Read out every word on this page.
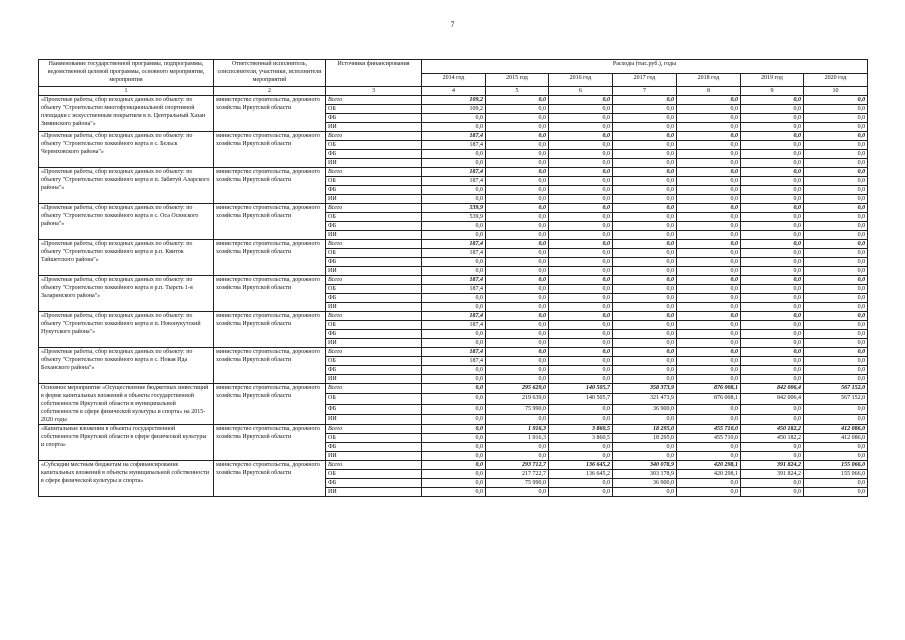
7
Наименование государственной программы, подпрограммы, ведомственной целевой программы, основного мероприятия, мероприятия	Ответственный исполнитель, соисполнители, участники, исполнители мероприятий	Источники финансирования	Расходы (тыс.руб.), годы						
			2014 год	2015 год	2016 год	2017 год	2018 год	2019 год	2020 год
1	2	3	4	5	6	7	8	9	10
«Проектные работы, сбор исходных данных по объекту: по объекту "Строительство многофункциональной спортивной площадки с искусственным покрытием в п. Центральный Хазан Зиминского района"»	министерство строительства, дорожного хозяйства Иркутской области	Всего	109,2	0,0	0,0	0,0	0,0	0,0	0,0
		ОБ	109,2	0,0	0,0	0,0	0,0	0,0	0,0
		ФБ	0,0	0,0	0,0	0,0	0,0	0,0	0,0
		ИИ	0,0	0,0	0,0	0,0	0,0	0,0	0,0
«Проектные работы, сбор исходных данных по объекту: по объекту "Строительство хоккейного корта в с. Бельск Черемховского района"»	министерство строительства, дорожного хозяйства Иркутской области	Всего	187,4	0,0	0,0	0,0	0,0	0,0	0,0
		ОБ	187,4	0,0	0,0	0,0	0,0	0,0	0,0
		ФБ	0,0	0,0	0,0	0,0	0,0	0,0	0,0
		ИИ	0,0	0,0	0,0	0,0	0,0	0,0	0,0
«Проектные работы, сбор исходных данных по объекту: по объекту "Строительство хоккейного корта в п. Забитуй Аларского района"»	министерство строительства, дорожного хозяйства Иркутской области	Всего	187,4	0,0	0,0	0,0	0,0	0,0	0,0
		ОБ	187,4	0,0	0,0	0,0	0,0	0,0	0,0
		ФБ	0,0	0,0	0,0	0,0	0,0	0,0	0,0
		ИИ	0,0	0,0	0,0	0,0	0,0	0,0	0,0
«Проектные работы, сбор исходных данных по объекту: по объекту "Строительство хоккейного корта в с. Оса Осинского района"»	министерство строительства, дорожного хозяйства Иркутской области	Всего	539,9	0,0	0,0	0,0	0,0	0,0	0,0
		ОБ	539,9	0,0	0,0	0,0	0,0	0,0	0,0
		ФБ	0,0	0,0	0,0	0,0	0,0	0,0	0,0
		ИИ	0,0	0,0	0,0	0,0	0,0	0,0	0,0
«Проектные работы, сбор исходных данных по объекту: по объекту "Строительство хоккейного корта в р.п. Квиток Тайшетского района"»	министерство строительства, дорожного хозяйства Иркутской области	Всего	187,4	0,0	0,0	0,0	0,0	0,0	0,0
		ОБ	187,4	0,0	0,0	0,0	0,0	0,0	0,0
		ФБ	0,0	0,0	0,0	0,0	0,0	0,0	0,0
		ИИ	0,0	0,0	0,0	0,0	0,0	0,0	0,0
«Проектные работы, сбор исходных данных по объекту: по объекту "Строительство хоккейного корта в р.п. Тырєть 1-я Заларинского района"»	министерство строительства, дорожного хозяйства Иркутской области	Всего	187,4	0,0	0,0	0,0	0,0	0,0	0,0
		ОБ	187,4	0,0	0,0	0,0	0,0	0,0	0,0
		ФБ	0,0	0,0	0,0	0,0	0,0	0,0	0,0
		ИИ	0,0	0,0	0,0	0,0	0,0	0,0	0,0
«Проектные работы, сбор исходных данных по объекту: по объекту "Строительство хоккейного корта в п. Новонукутский Нукутского района"»	министерство строительства, дорожного хозяйства Иркутской области	Всего	187,4	0,0	0,0	0,0	0,0	0,0	0,0
		ОБ	187,4	0,0	0,0	0,0	0,0	0,0	0,0
		ФБ	0,0	0,0	0,0	0,0	0,0	0,0	0,0
		ИИ	0,0	0,0	0,0	0,0	0,0	0,0	0,0
«Проектные работы, сбор исходных данных по объекту: по объекту "Строительство хоккейного корта в с. Новая Ида Боханского района"»	министерство строительства, дорожного хозяйства Иркутской области	Всего	187,4	0,0	0,0	0,0	0,0	0,0	0,0
		ОБ	187,4	0,0	0,0	0,0	0,0	0,0	0,0
		ФБ	0,0	0,0	0,0	0,0	0,0	0,0	0,0
		ИИ	0,0	0,0	0,0	0,0	0,0	0,0	0,0
Основное мероприятие «Осуществление бюджетных инвестиций в форме капитальных вложений в объекты государственной собственности Иркутской области и муниципальной собственности в сфере физической культуры и спорта» на 2015-2020 годы	министерство строительства, дорожного хозяйства Иркутской области	Всего	0,0	295 629,0	140 505,7	358 373,9	876 008,1	842 006,4	567 152,0
		ОБ	0,0	219 639,0	140 505,7	321 473,9	876 008,1	842 006,4	567 152,0
		ФБ	0,0	75 990,0	0,0	36 900,0	0,0	0,0	0,0
		ИИ	0,0	0,0	0,0	0,0	0,0	0,0	0,0
«Капитальные вложения в объекты государственной собственности Иркутской области в сфере физической культуры и спорта»	министерство строительства, дорожного хозяйства Иркутской области	Всего	0,0	1 916,3	3 860,5	18 295,0	455 710,0	450 182,2	412 086,0
		ОБ	0,0	1 916,3	3 860,5	18 295,0	455 710,0	450 182,2	412 086,0
		ФБ	0,0	0,0	0,0	0,0	0,0	0,0	0,0
		ИИ	0,0	0,0	0,0	0,0	0,0	0,0	0,0
«Субсидии местным бюджетам на софинансирование капитальных вложений в объекты муниципальной собственности в сфере физической культуры и спорта»	министерство строительства, дорожного хозяйства Иркутской области	Всего	0,0	293 712,7	136 645,2	340 078,9	420 298,1	391 824,2	155 066,0
		ОБ	0,0	217 722,7	136 645,2	303 178,9	420 298,1	391 824,2	155 066,0
		ФБ	0,0	75 990,0	0,0	36 900,0	0,0	0,0	0,0
		ИИ	0,0	0,0	0,0	0,0	0,0	0,0	0,0
